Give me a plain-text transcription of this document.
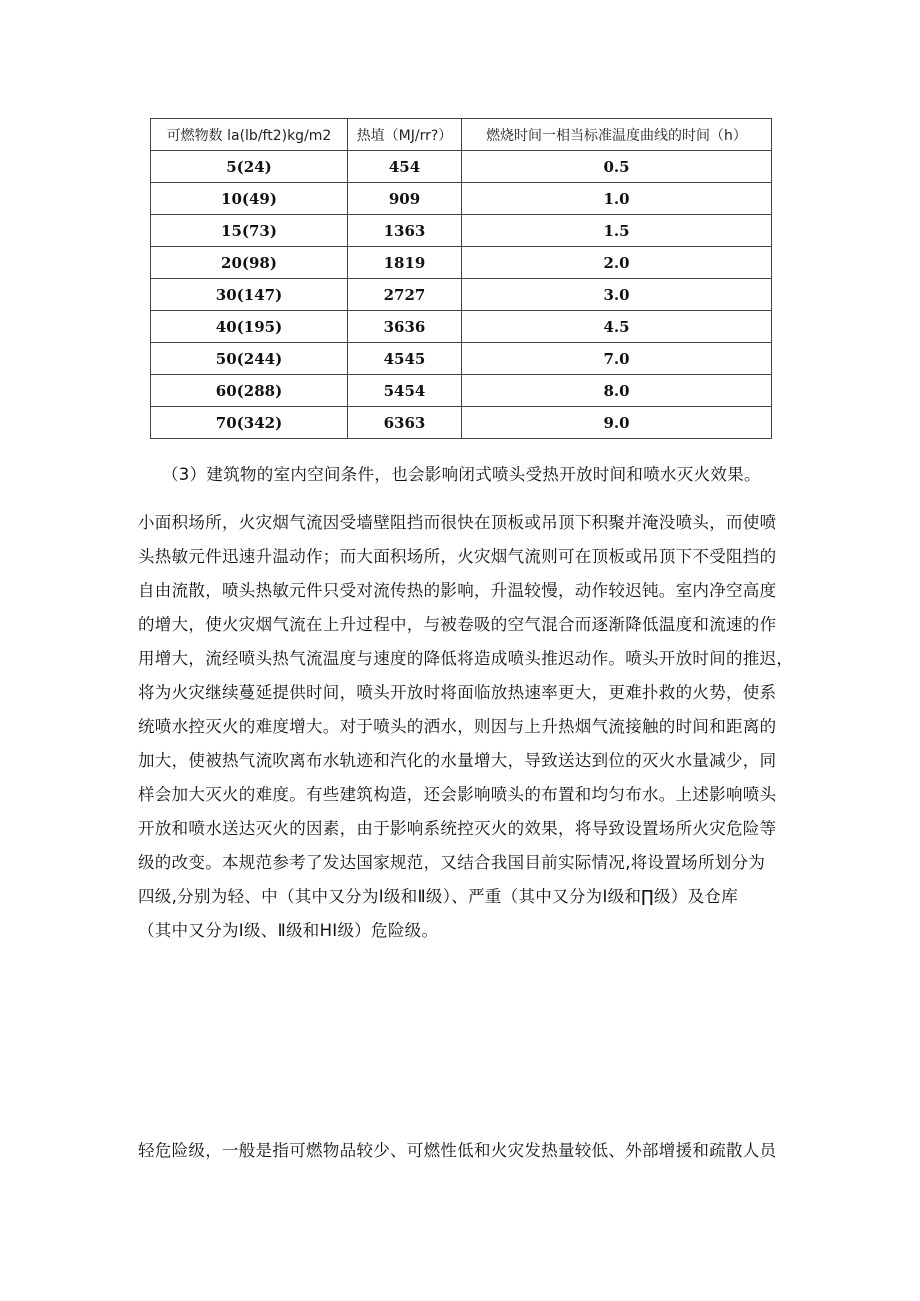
可燃物数 la(lb/ft2)kg/m2	热埴（MJ/rr?）	燃烧时间一相当标准温度曲线的时间（h）
5(24)	454	0.5
10(49)	909	1.0
15(73)	1363	1.5
20(98)	1819	2.0
30(147)	2727	3.0
40(195)	3636	4.5
50(244)	4545	7.0
60(288)	5454	8.0
70(342)	6363	9.0

（3）建筑物的室内空间条件，也会影响闭式喷头受热开放时间和喷水灭火效果。

小面积场所，火灾烟气流因受墙壁阻挡而很快在顶板或吊顶下积聚并淹没喷头，而使喷
头热敏元件迅速升温动作；而大面积场所，火灾烟气流则可在顶板或吊顶下不受阻挡的
自由流散，喷头热敏元件只受对流传热的影响，升温较慢，动作较迟钝。室内净空高度
的增大，使火灾烟气流在上升过程中，与被卷吸的空气混合而逐渐降低温度和流速的作
用增大，流经喷头热气流温度与速度的降低将造成喷头推迟动作。喷头开放时间的推迟，
将为火灾继续蔓延提供时间，喷头开放时将面临放热速率更大，更难扑救的火势，使系
统喷水控灭火的难度增大。对于喷头的洒水，则因与上升热烟气流接触的时间和距离的
加大，使被热气流吹离布水轨迹和汽化的水量增大，导致送达到位的灭火水量减少，同
样会加大灭火的难度。有些建筑构造，还会影响喷头的布置和均匀布水。上述影响喷头
开放和喷水送达灭火的因素，由于影响系统控灭火的效果，将导致设置场所火灾危险等
级的改变。本规范参考了发达国家规范，又结合我国目前实际情况,将设置场所划分为
四级,分别为轻、中（其中又分为Ⅰ级和Ⅱ级）、严重（其中又分为Ⅰ级和∏级）及仓库
（其中又分为Ⅰ级、Ⅱ级和HI级）危险级。

轻危险级，一般是指可燃物品较少、可燃性低和火灾发热量较低、外部增援和疏散人员
